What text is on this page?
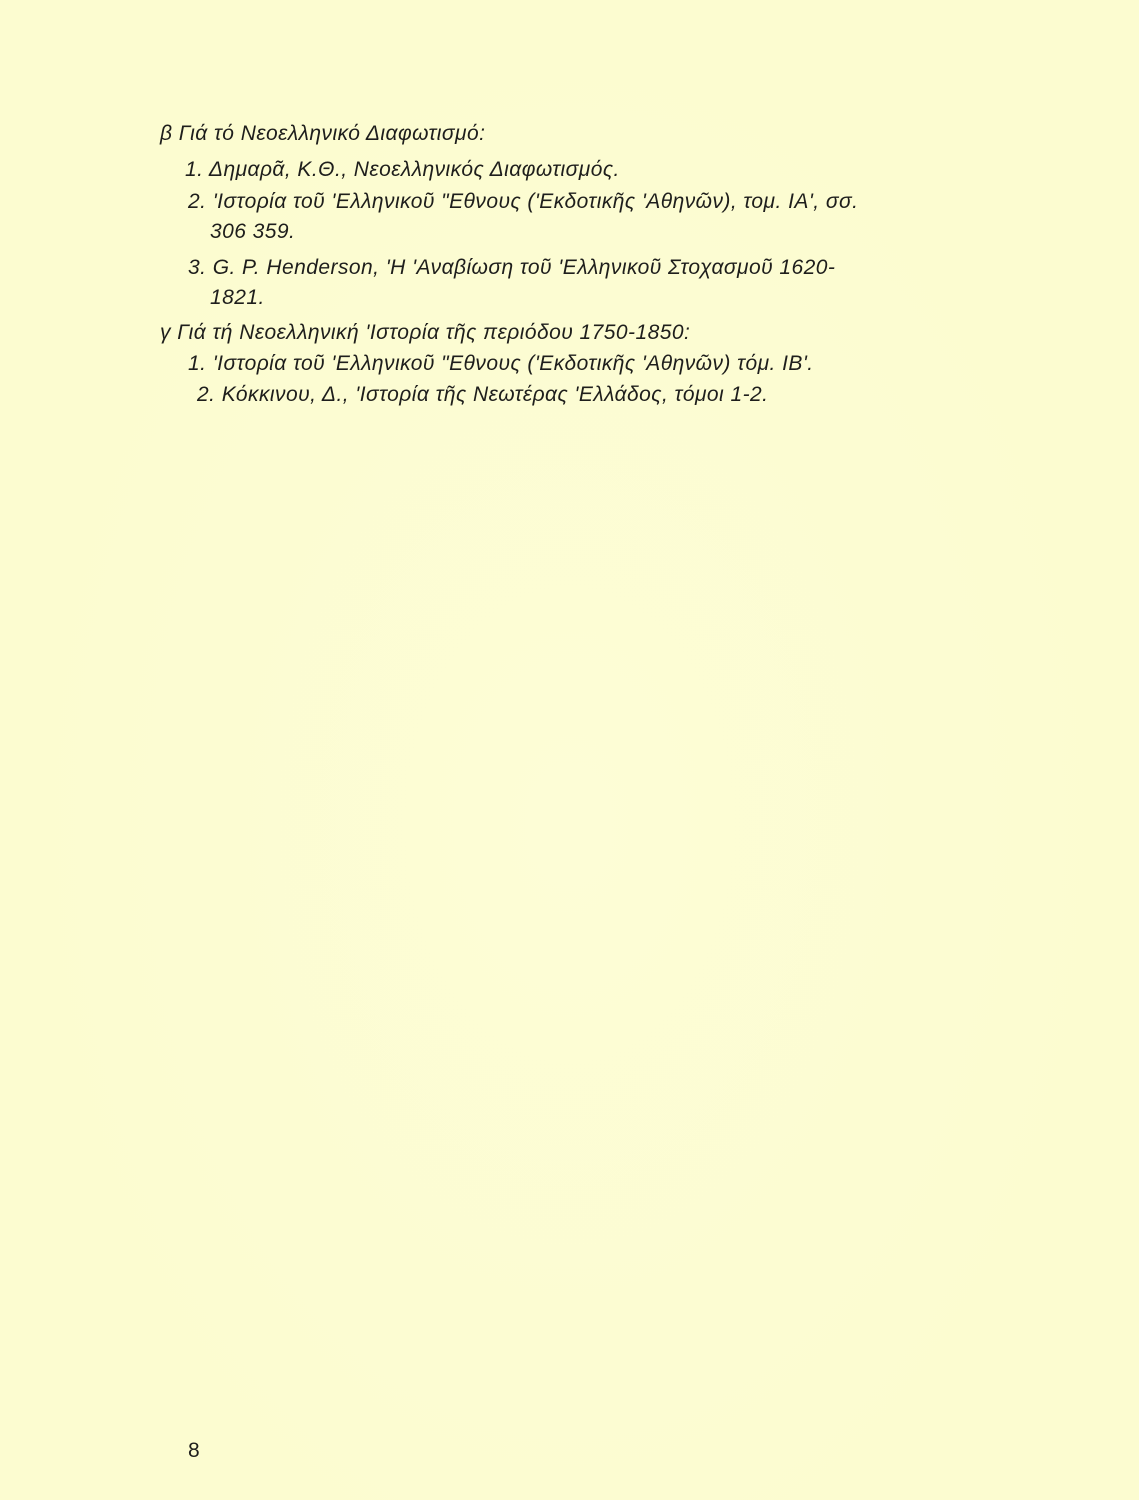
β Γιά τό Νεοελληνικό Διαφωτισμό:
1. Δημαρᾶ, Κ.Θ., Νεοελληνικός Διαφωτισμός.
2. 'Ιστορία τοῦ 'Ελληνικοῦ "Εθνους ('Εκδοτικῆς 'Αθηνῶν), τομ. ΙΑ', σσ.
306 359.
3. G. P. Henderson, 'Η 'Αναβίωση τοῦ 'Ελληνικοῦ Στοχασμοῦ 1620-
1821.
γ Γιά τή Νεοελληνική 'Ιστορία τῆς περιόδου 1750-1850:
1. 'Ιστορία τοῦ 'Ελληνικοῦ "Εθνους ('Εκδοτικῆς 'Αθηνῶν) τόμ. ΙΒ'.
2. Κόκκινου, Δ., 'Ιστορία τῆς Νεωτέρας 'Ελλάδος, τόμοι 1-2.
8
